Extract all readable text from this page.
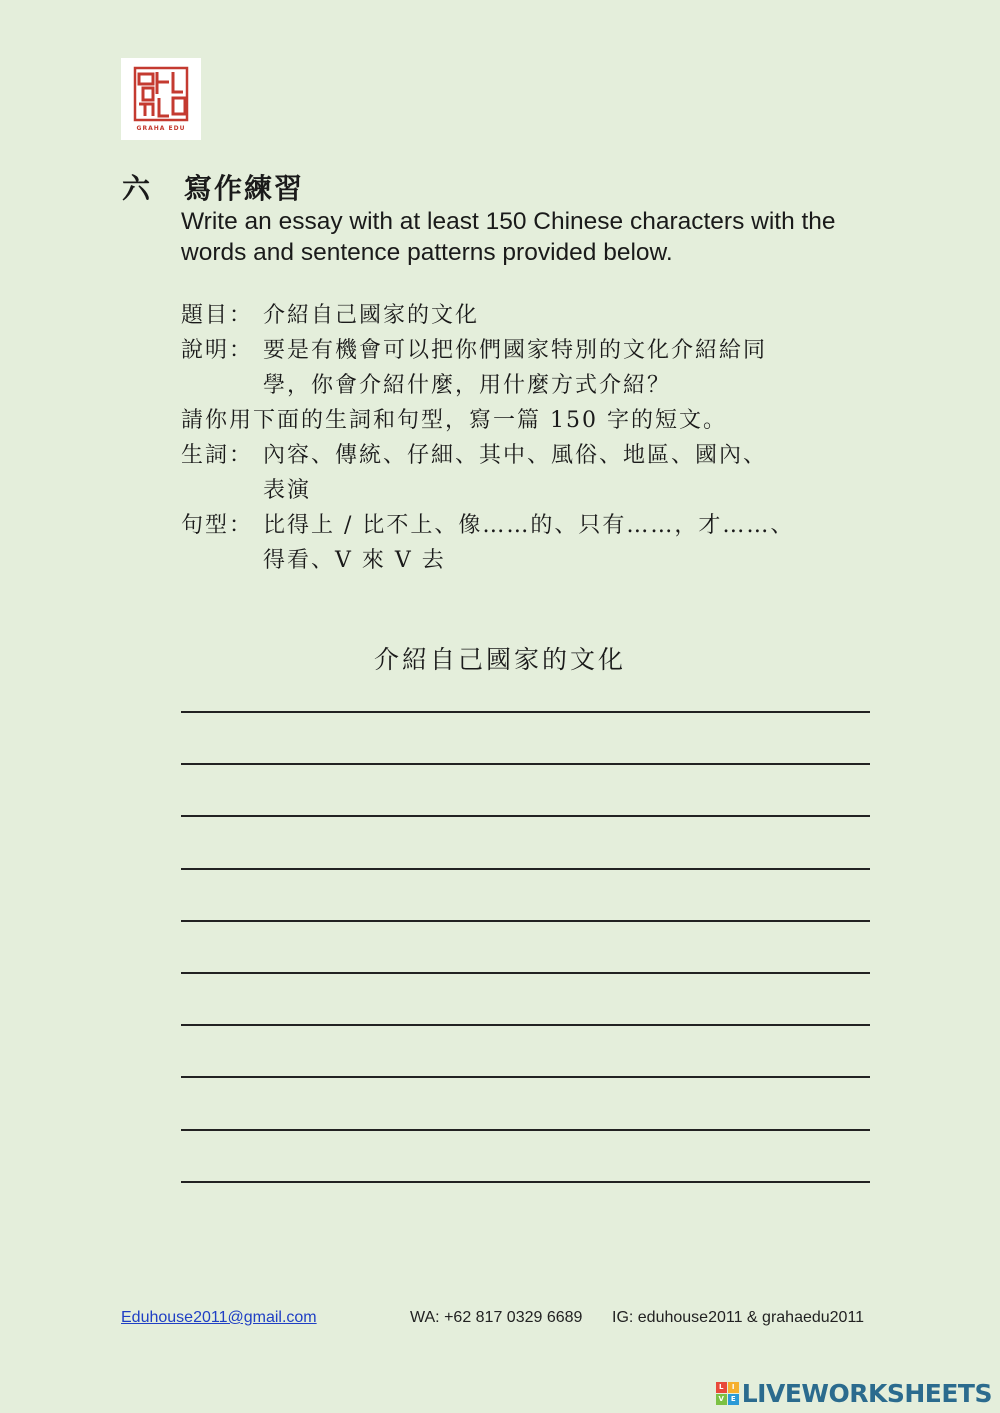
GRAHA EDU
六 寫作練習
Write an essay with at least 150 Chinese characters with the words and sentence patterns provided below.
題目： 介紹自己國家的文化
說明： 要是有機會可以把你們國家特別的文化介紹給同
學，你會介紹什麼，用什麼方式介紹？
請你用下面的生詞和句型，寫一篇 150 字的短文。
生詞： 內容、傳統、仔細、其中、風俗、地區、國內、
表演
句型： 比得上 / 比不上、像……的、只有……，才……、
得看、V 來 V 去
介紹自己國家的文化
Eduhouse2011@gmail.com	WA: +62 817 0329 6689 IG: eduhouse2011 & grahaedu2011
L	I
V E LIVEWORKSHEETS
